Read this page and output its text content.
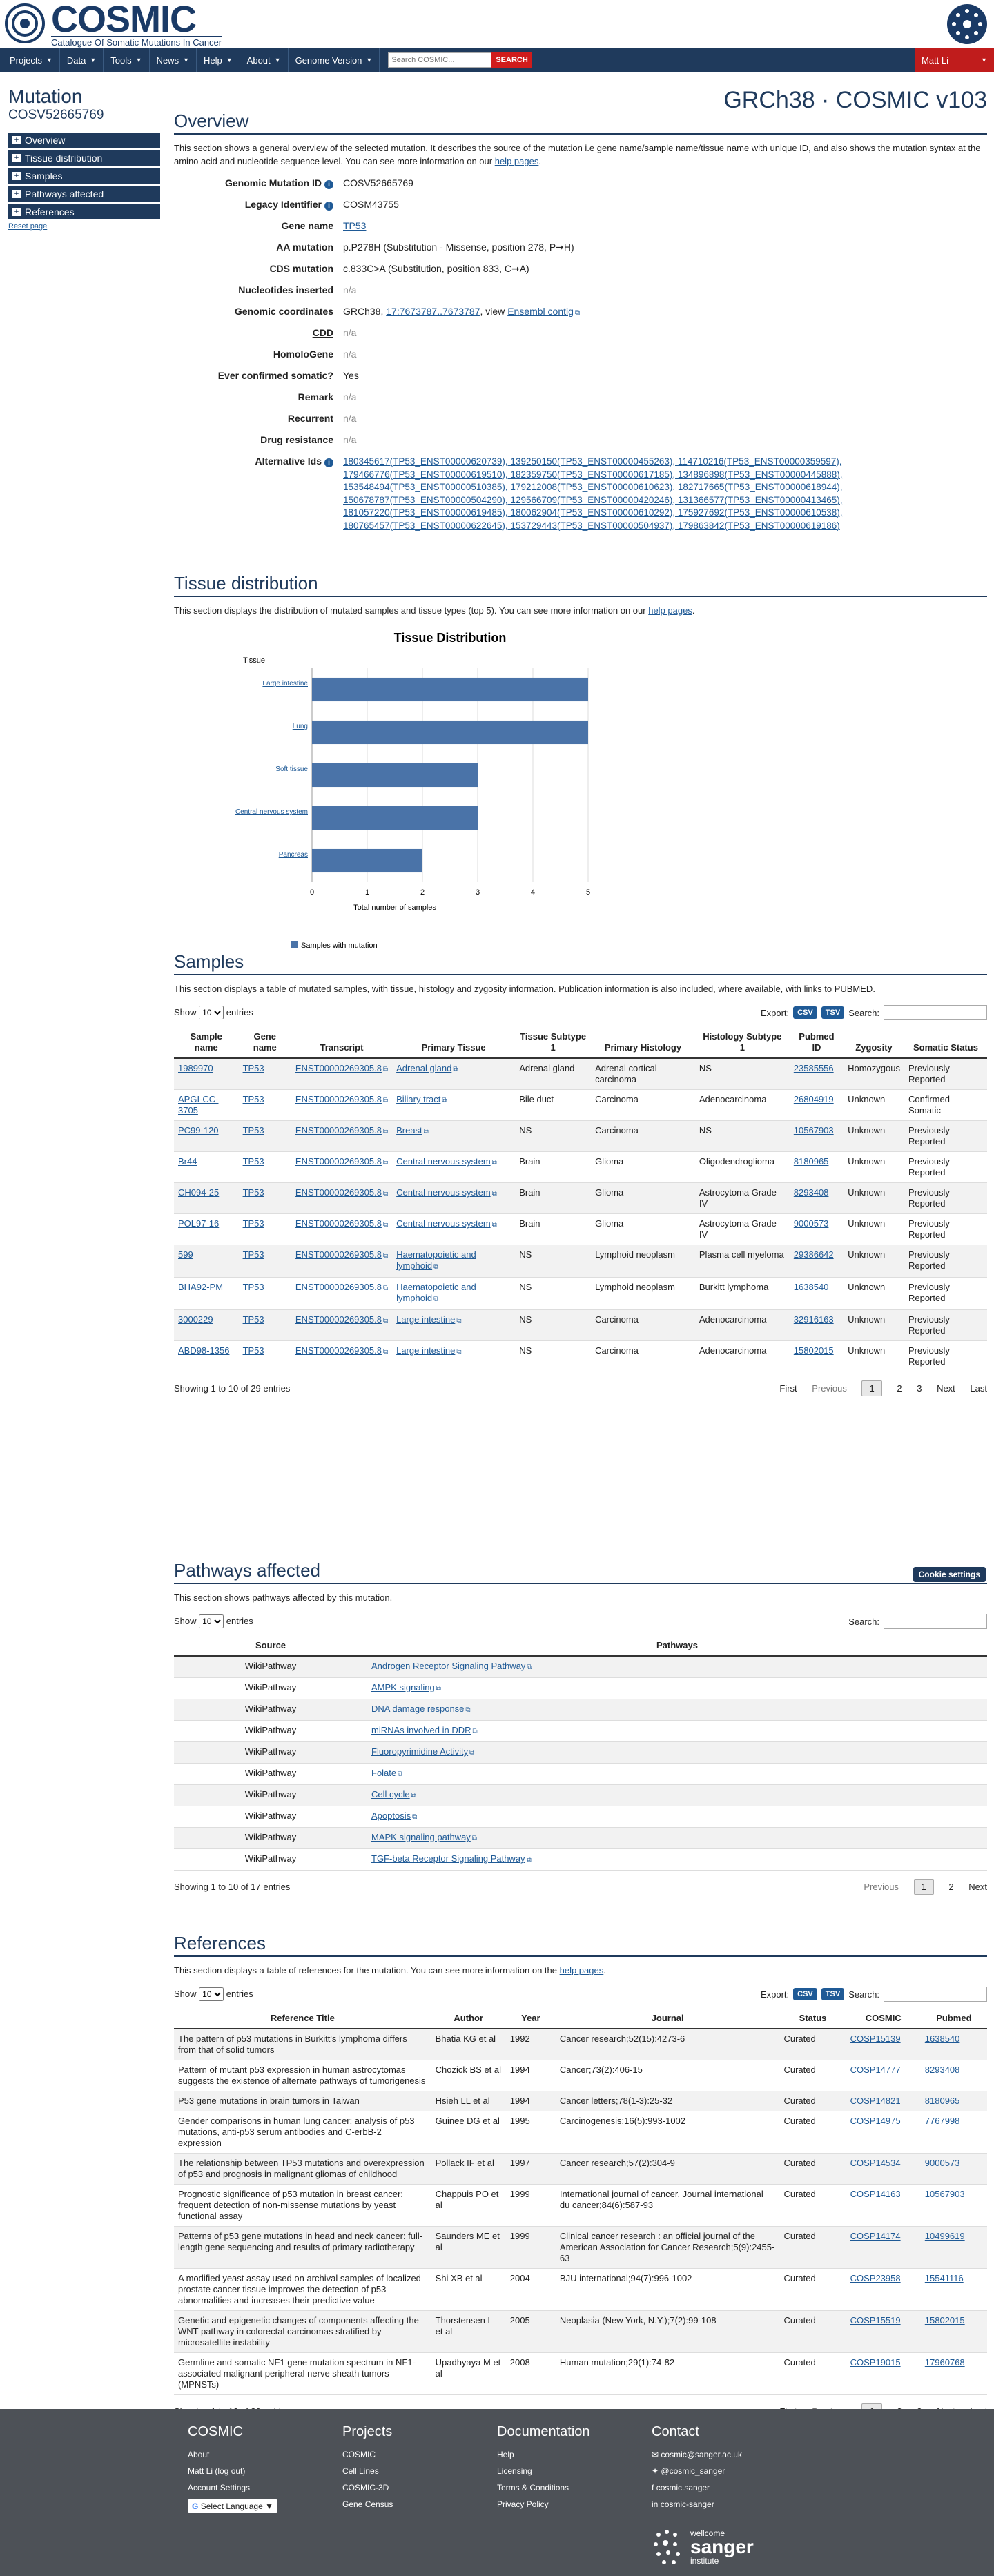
COSMIC
Catalogue Of Somatic Mutations In Cancer
Projects ▼ Data ▼ Tools ▼ News ▼ Help ▼ About ▼ Genome Version ▼
Search COSMIC...	SEARCH	Matt Li	▼
Mutation
COSV52665769
+ Overview
+ Tissue distribution
+ Samples
+ Pathways affected
+ References
Reset page
GRCh38 · COSMIC v103
Overview

This section shows a general overview of the selected mutation. It describes the source of the mutation i.e gene name/sample name/tissue name with unique ID, and also shows the mutation syntax at the amino acid and nucleotide sequence level. You can see more information on our help pages.

Genomic Mutation ID i	COSV52665769
Legacy Identifier i	COSM43755
Gene name	TP53
AA mutation	p.P278H (Substitution - Missense, position 278, P➞H)
CDS mutation	c.833C>A (Substitution, position 833, C➞A)
Nucleotides inserted	n/a
Genomic coordinates	GRCh38, 17:7673787..7673787, view Ensembl contig ⧉
CDD	n/a
HomoloGene	n/a
Ever confirmed somatic?	Yes
Remark	n/a
Recurrent	n/a
Drug resistance	n/a
Alternative Ids i	180345617(TP53_ENST00000620739), 139250150(TP53_ENST00000455263), 114710216(TP53_ENST00000359597),
179466776(TP53_ENST00000619510), 182359750(TP53_ENST00000617185), 134896898(TP53_ENST00000445888),
153548494(TP53_ENST00000510385), 179212008(TP53_ENST00000610623), 182717665(TP53_ENST00000618944),
150678787(TP53_ENST00000504290), 129566709(TP53_ENST00000420246), 131366577(TP53_ENST00000413465),
181057220(TP53_ENST00000619485), 180062904(TP53_ENST00000610292), 175927692(TP53_ENST00000610538),
180765457(TP53_ENST00000622645), 153729443(TP53_ENST00000504937), 179863842(TP53_ENST00000619186)
Tissue distribution

This section displays the distribution of mutated samples and tissue types (top 5). You can see more information on our help pages.

Tissue Distribution
Tissue
0	1	2	3	4	5
Large intestine
Lung
Soft tissue
Central nervous system
Pancreas
Total number of samples
Samples with mutation
Samples

This section displays a table of mutated samples, with tissue, histology and zygosity information. Publication information is also included, where available, with links to PUBMED.

Show
10	entries	Export:	CSV	TSV Search:
Sample name	Gene name	Transcript	Primary Tissue	Tissue Subtype 1	Primary Histology	Histology Subtype 1	Pubmed ID	Zygosity	Somatic Status
1989970	TP53	ENST00000269305.8 ⧉	Adrenal gland ⧉	Adrenal gland	Adrenal cortical carcinoma	NS	23585556	Homozygous	Previously Reported
APGI-CC-3705	TP53	ENST00000269305.8 ⧉	Biliary tract ⧉	Bile duct	Carcinoma	Adenocarcinoma	26804919	Unknown	Confirmed Somatic
PC99-120	TP53	ENST00000269305.8 ⧉	Breast ⧉	NS	Carcinoma	NS	10567903	Unknown	Previously Reported
Br44	TP53	ENST00000269305.8 ⧉	Central nervous system ⧉	Brain	Glioma	Oligodendroglioma	8180965	Unknown	Previously Reported
CH094-25	TP53	ENST00000269305.8 ⧉	Central nervous system ⧉	Brain	Glioma	Astrocytoma Grade IV	8293408	Unknown	Previously Reported
POL97-16	TP53	ENST00000269305.8 ⧉	Central nervous system ⧉	Brain	Glioma	Astrocytoma Grade IV	9000573	Unknown	Previously Reported
599	TP53	ENST00000269305.8 ⧉	Haematopoietic and lymphoid ⧉	NS	Lymphoid neoplasm	Plasma cell myeloma	29386642	Unknown	Previously Reported
BHA92-PM	TP53	ENST00000269305.8 ⧉	Haematopoietic and lymphoid ⧉	NS	Lymphoid neoplasm	Burkitt lymphoma	1638540	Unknown	Previously Reported
3000229	TP53	ENST00000269305.8 ⧉	Large intestine ⧉	NS	Carcinoma	Adenocarcinoma	32916163	Unknown	Previously Reported
ABD98-1356	TP53	ENST00000269305.8 ⧉	Large intestine ⧉	NS	Carcinoma	Adenocarcinoma	15802015	Unknown	Previously Reported
Showing 1 to 10 of 29 entries	First Previous	1	2 3 Next Last
Pathways affected

This section shows pathways affected by this mutation.

Show
10	entries	Search:
Source	Pathways
WikiPathway	Androgen Receptor Signaling Pathway ⧉
WikiPathway	AMPK signaling ⧉
WikiPathway	DNA damage response ⧉
WikiPathway	miRNAs involved in DDR ⧉
WikiPathway	Fluoropyrimidine Activity ⧉
WikiPathway	Folate ⧉
WikiPathway	Cell cycle ⧉
WikiPathway	Apoptosis ⧉
WikiPathway	MAPK signaling pathway ⧉
WikiPathway	TGF-beta Receptor Signaling Pathway ⧉
Showing 1 to 10 of 17 entries	Previous	1	2 Next
References

This section displays a table of references for the mutation. You can see more information on the help pages.

Show
10	entries	Export:	CSV	TSV Search:
Reference Title	Author	Year	Journal	Status	COSMIC	Pubmed
The pattern of p53 mutations in Burkitt's lymphoma differs from that of solid tumors	Bhatia KG et al	1992	Cancer research;52(15):4273-6	Curated	COSP15139	1638540
Pattern of mutant p53 expression in human astrocytomas suggests the existence of alternate pathways of tumorigenesis	Chozick BS et al	1994	Cancer;73(2):406-15	Curated	COSP14777	8293408
P53 gene mutations in brain tumors in Taiwan	Hsieh LL et al	1994	Cancer letters;78(1-3):25-32	Curated	COSP14821	8180965
Gender comparisons in human lung cancer: analysis of p53 mutations, anti-p53 serum antibodies and C-erbB-2 expression	Guinee DG et al	1995	Carcinogenesis;16(5):993-1002	Curated	COSP14975	7767998
The relationship between TP53 mutations and overexpression of p53 and prognosis in malignant gliomas of childhood	Pollack IF et al	1997	Cancer research;57(2):304-9	Curated	COSP14534	9000573
Prognostic significance of p53 mutation in breast cancer: frequent detection of non-missense mutations by yeast functional assay	Chappuis PO et al	1999	International journal of cancer. Journal international du cancer;84(6):587-93	Curated	COSP14163	10567903
Patterns of p53 gene mutations in head and neck cancer: full-length gene sequencing and results of primary radiotherapy	Saunders ME et al	1999	Clinical cancer research : an official journal of the American Association for Cancer Research;5(9):2455-63	Curated	COSP14174	10499619
A modified yeast assay used on archival samples of localized prostate cancer tissue improves the detection of p53 abnormalities and increases their predictive value	Shi XB et al	2004	BJU international;94(7):996-1002	Curated	COSP23958	15541116
Genetic and epigenetic changes of components affecting the WNT pathway in colorectal carcinomas stratified by microsatellite instability	Thorstensen L et al	2005	Neoplasia (New York, N.Y.);7(2):99-108	Curated	COSP15519	15802015
Germline and somatic NF1 gene mutation spectrum in NF1-associated malignant peripheral nerve sheath tumors (MPNSTs)	Upadhyaya M et al	2008	Human mutation;29(1):74-82	Curated	COSP19015	17960768
Cookie settings
COSMIC
About
Matt Li (log out)
Account Settings
G Select Language ▼
Projects
COSMIC
Cell Lines
COSMIC-3D
Gene Census
Documentation
Help
Licensing
Terms & Conditions
Privacy Policy
Contact
✉ cosmic@sanger.ac.uk
✦ @cosmic_sanger
f cosmic.sanger
in cosmic-sanger
wellcome
sanger
institute
